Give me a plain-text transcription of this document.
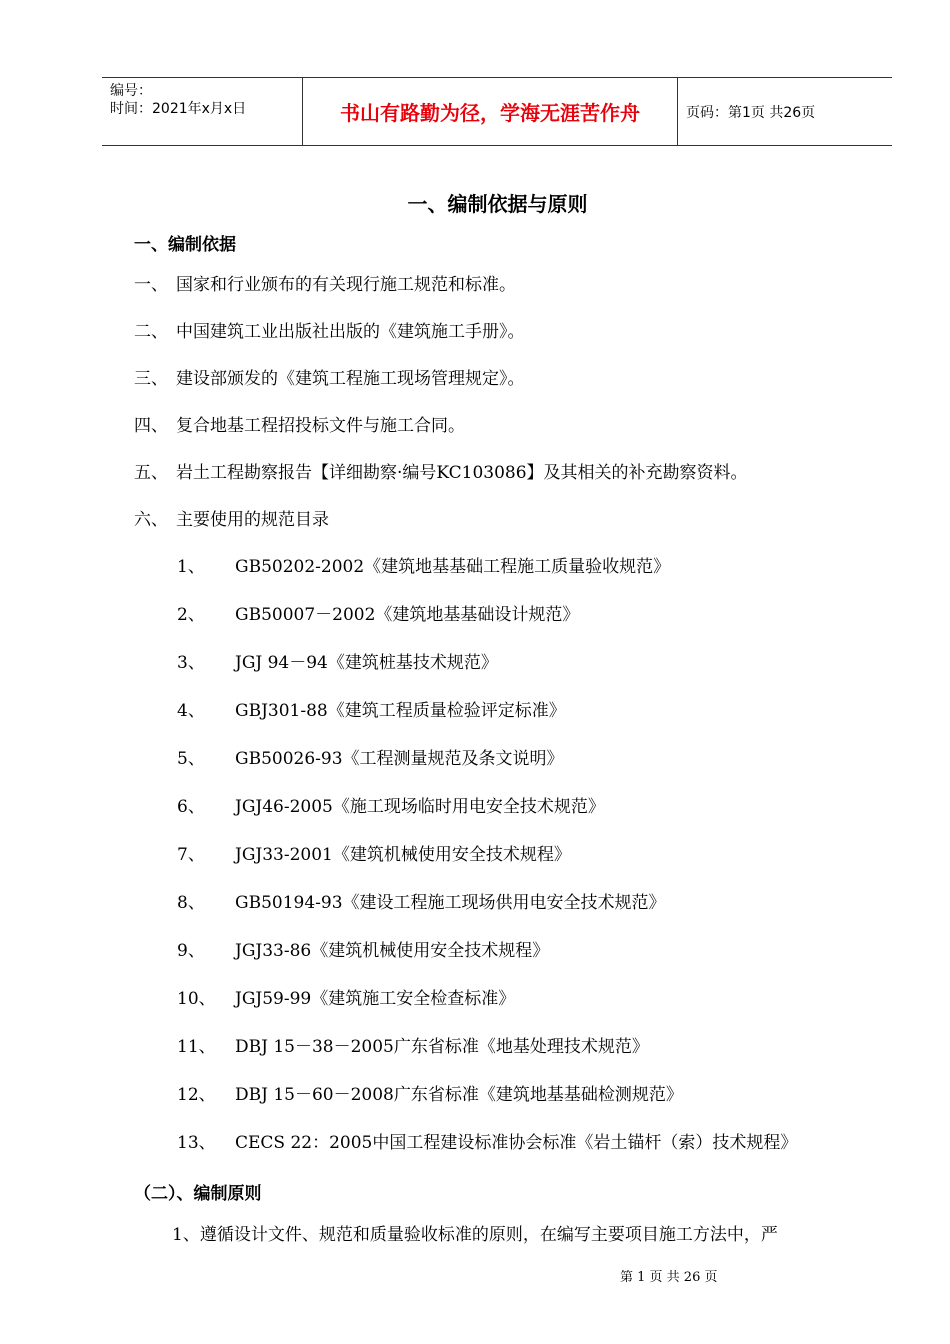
编号：
时间：2021年x月x日	书山有路勤为径，学海无涯苦作舟	页码：第1页 共26页
一、编制依据与原则
一、编制依据
一、 国家和行业颁布的有关现行施工规范和标准。
二、 中国建筑工业出版社出版的《建筑施工手册》。
三、 建设部颁发的《建筑工程施工现场管理规定》。
四、 复合地基工程招投标文件与施工合同。
五、 岩土工程勘察报告【详细勘察·编号KC103086】及其相关的补充勘察资料。
六、 主要使用的规范目录
1、 GB50202-2002《建筑地基基础工程施工质量验收规范》
2、 GB50007－2002《建筑地基基础设计规范》
3、 JGJ 94－94《建筑桩基技术规范》
4、 GBJ301-88《建筑工程质量检验评定标准》
5、 GB50026-93《工程测量规范及条文说明》
6、 JGJ46-2005《施工现场临时用电安全技术规范》
7、 JGJ33-2001《建筑机械使用安全技术规程》
8、 GB50194-93《建设工程施工现场供用电安全技术规范》
9、 JGJ33-86《建筑机械使用安全技术规程》
10、 JGJ59-99《建筑施工安全检查标准》
11、 DBJ 15－38－2005广东省标准《地基处理技术规范》
12、 DBJ 15－60－2008广东省标准《建筑地基基础检测规范》
13、 CECS 22：2005中国工程建设标准协会标准《岩土锚杆（索）技术规程》
（二）、编制原则
1、遵循设计文件、规范和质量验收标准的原则，在编写主要项目施工方法中，严
第 1 页 共 26 页
